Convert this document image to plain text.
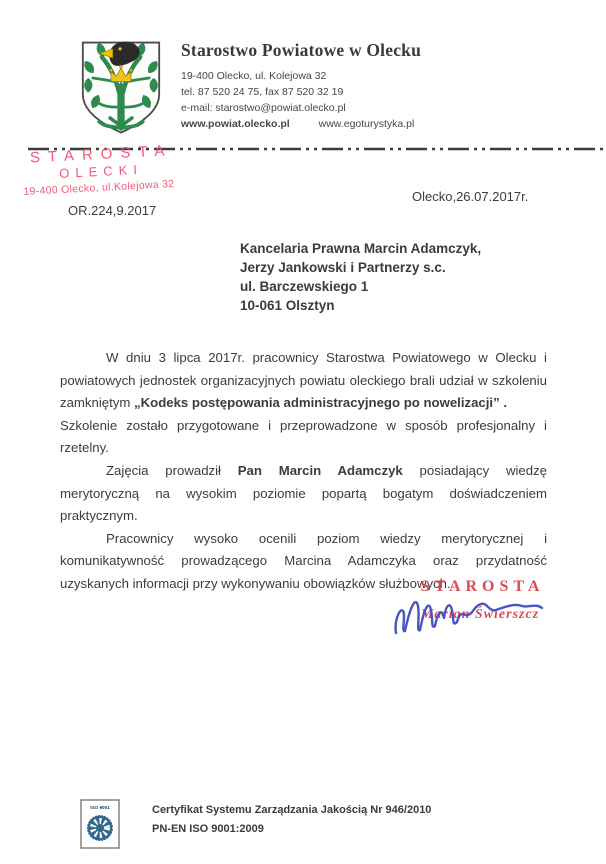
Starostwo Powiatowe w Olecku
19-400 Olecko, ul. Kolejowa 32
tel. 87 520 24 75, fax 87 520 32 19
e-mail: starostwo@powiat.olecko.pl
www.powiat.olecko.pl	www.egoturystyka.pl
STAROSTA
OLECKI
19-400 Olecko, ul.Kolejowa 32
OR.224,9.2017
Olecko,26.07.2017r.
Kancelaria Prawna Marcin Adamczyk,
Jerzy Jankowski i Partnerzy s.c.
ul. Barczewskiego 1
10-061 Olsztyn

W dniu 3 lipca 2017r. pracownicy Starostwa Powiatowego w Olecku i powiatowych jednostek organizacyjnych powiatu oleckiego brali udział w szkoleniu zamkniętym „Kodeks postępowania administracyjnego po nowelizacji” .

Szkolenie zostało przygotowane i przeprowadzone w sposób profesjonalny i rzetelny.

Zajęcia prowadził Pan Marcin Adamczyk posiadający wiedzę merytoryczną na wysokim poziomie popartą bogatym doświadczeniem praktycznym.

Pracownicy wysoko ocenili poziom wiedzy merytorycznej i komunikatywność prowadzącego Marcina Adamczyka oraz przydatność uzyskanych informacji przy wykonywaniu obowiązków służbowych.

STAROSTA
Marian Świerszcz
ISO 9001	Certyfikat Systemu Zarządzania Jakością Nr 946/2010
PN-EN ISO 9001:2009
